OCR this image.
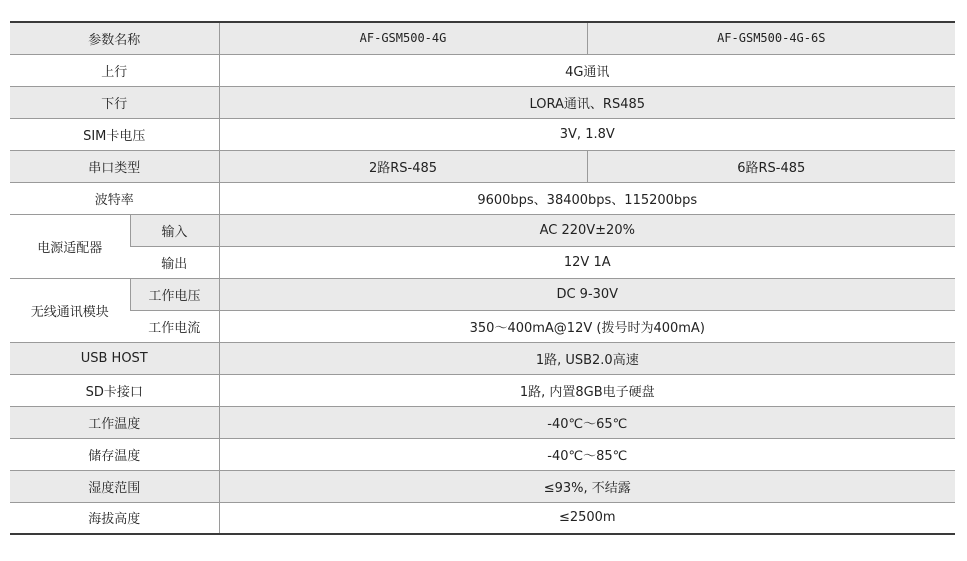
参数名称		AF-GSM500-4G	AF-GSM500-4G-6S
上行		4G通讯	
下行		LORA通讯、RS485	
SIM卡电压		3V, 1.8V	
串口类型		2路RS-485	6路RS-485
波特率		9600bps、38400bps、115200bps	
电源适配器	输入	AC 220V±20%	
	输出	12V 1A	
无线通讯模块	工作电压	DC 9-30V	
	工作电流	350～400mA@12V (拨号时为400mA)	
USB HOST		1路, USB2.0高速	
SD卡接口		1路, 内置8GB电子硬盘	
工作温度		-40℃～65℃	
储存温度		-40℃～85℃	
湿度范围		≤93%, 不结露	
海拔高度		≤2500m	
